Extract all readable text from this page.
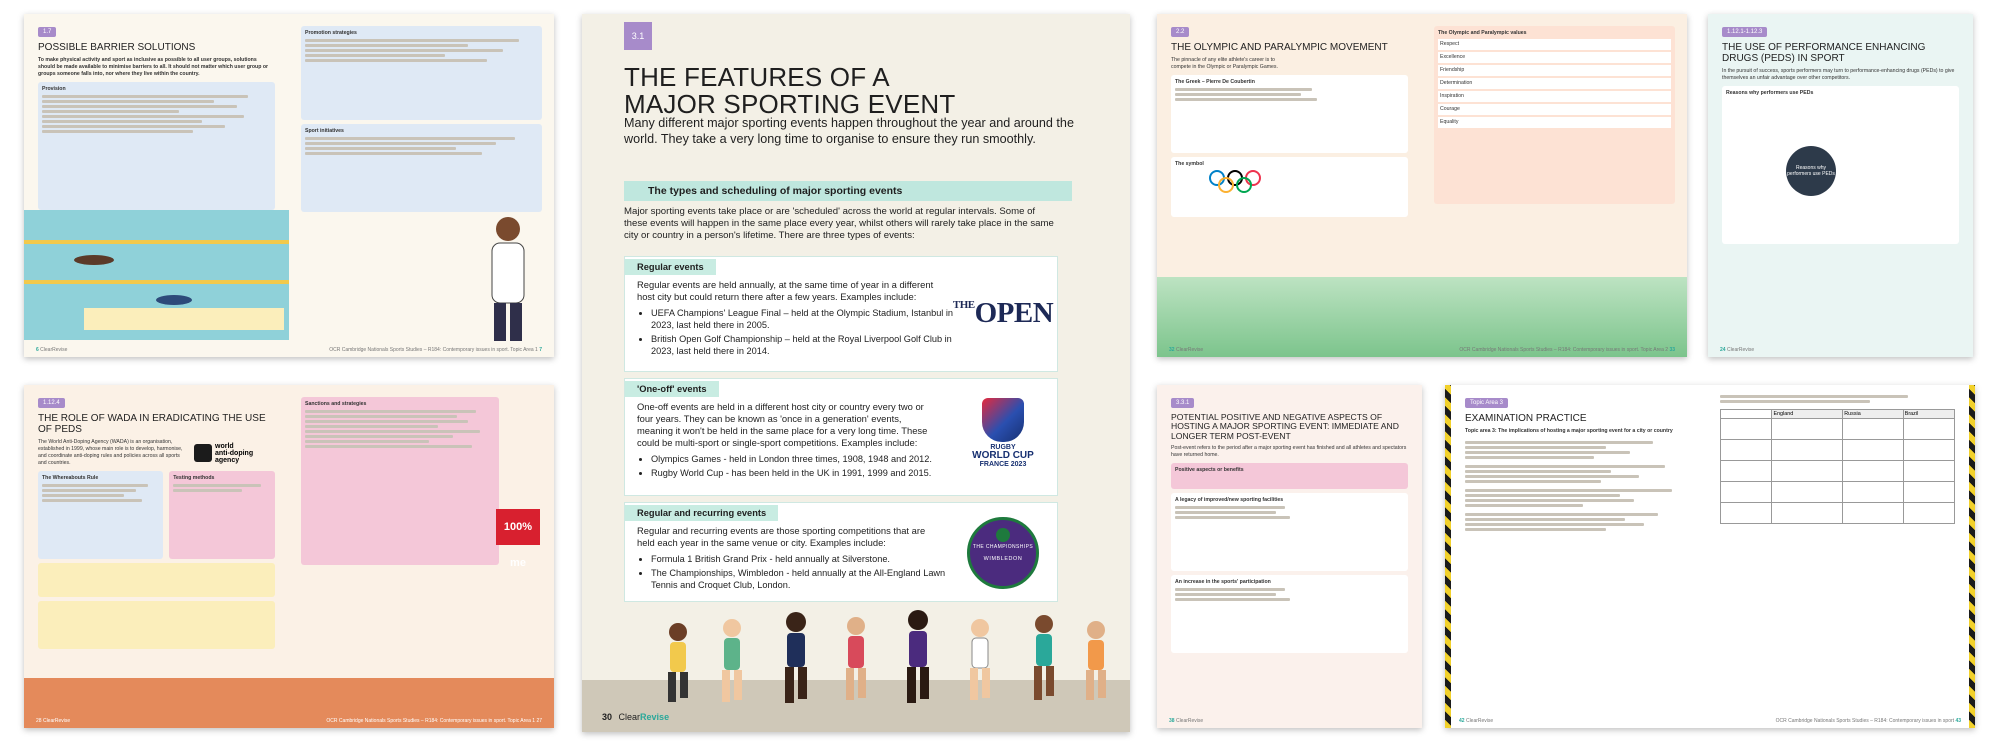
1.7
POSSIBLE BARRIER SOLUTIONS
To make physical activity and sport as inclusive as possible to all user groups, solutions should be made available to minimise barriers to all. It should not matter which user group or groups someone falls into, nor where they live within the country.
Provision
Promotion strategies
Sport initiatives
6 ClearRevise	OCR Cambridge Nationals Sports Studies – R184: Contemporary issues in sport. Topic Area 1 7
1.12.4
THE ROLE OF WADA IN ERADICATING THE USE OF PEDS
The World Anti-Doping Agency (WADA) is an organisation, established in 1999, whose main role is to develop, harmonise, and coordinate anti-doping rules and policies across all sports and countries.
world
anti-doping
agency
The Whereabouts Rule	Testing methods
Sanctions and strategies
100% me
28 ClearRevise	OCR Cambridge Nationals Sports Studies – R184: Contemporary issues in sport. Topic Area 1 27
3.1
THE FEATURES OF A
MAJOR SPORTING EVENT
Many different major sporting events happen throughout the year and around the world. They take a very long time to organise to ensure they run smoothly.
The types and scheduling of major sporting events
Major sporting events take place or are 'scheduled' across the world at regular intervals. Some of these events will happen in the same place every year, whilst others will rarely take place in the same city or country in a person's lifetime. There are three types of events:
Regular events
Regular events are held annually, at the same time of year in a different host city but could return there after a few years. Examples include:
• UEFA Champions' League Final – held at the Olympic Stadium, Istanbul in 2023, last held there in 2005.
• British Open Golf Championship – held at the Royal Liverpool Golf Club in 2023, last held there in 2014.
$^{THE}$OPEN
'One-off' events
One-off events are held in a different host city or country every two or four years. They can be known as 'once in a generation' events, meaning it won't be held in the same place for a very long time. These could be multi-sport or single-sport competitions. Examples include:
• Olympics Games - held in London three times, 1908, 1948 and 2012.
• Rugby World Cup - has been held in the UK in 1991, 1999 and 2015.
RUGBY
WORLD CUP
FRANCE 2023
Regular and recurring events
Regular and recurring events are those sporting competitions that are held each year in the same venue or city. Examples include:
• Formula 1 British Grand Prix - held annually at Silverstone.
• The Championships, Wimbledon - held annually at the All-England Lawn Tennis and Croquet Club, London.
THE CHAMPIONSHIPS
WIMBLEDON
30 ClearRevise
2.2
THE OLYMPIC AND PARALYMPIC MOVEMENT
The pinnacle of any elite athlete's career is to compete in the Olympic or Paralympic Games.
The Greek – Pierre De Coubertin
The symbol
The Olympic and Paralympic values
Respect
Excellence
Friendship
Determination
Inspiration
Courage
Equality
32 ClearRevise	OCR Cambridge Nationals Sports Studies – R184: Contemporary issues in sport. Topic Area 2 33
1.12.1-1.12.3
THE USE OF PERFORMANCE ENHANCING DRUGS (PEDS) IN SPORT
In the pursuit of success, sports performers may turn to performance-enhancing drugs (PEDs) to give themselves an unfair advantage over other competitors.
Reasons why performers use PEDs
Reasons why performers use PEDs
24 ClearRevise
3.3.1
POTENTIAL POSITIVE AND NEGATIVE ASPECTS OF HOSTING A MAJOR SPORTING EVENT: IMMEDIATE AND LONGER TERM POST-EVENT
Post-event refers to the period after a major sporting event has finished and all athletes and spectators have returned home.
Positive aspects or benefits
A legacy of improved/new sporting facilities
An increase in the sports' participation
38 ClearRevise
Topic Area 3
EXAMINATION PRACTICE
Topic area 3: The implications of hosting a major sporting event for a city or country
	England	Russia	Brazil

42 ClearRevise	OCR Cambridge Nationals Sports Studies – R184: Contemporary issues in sport 43
